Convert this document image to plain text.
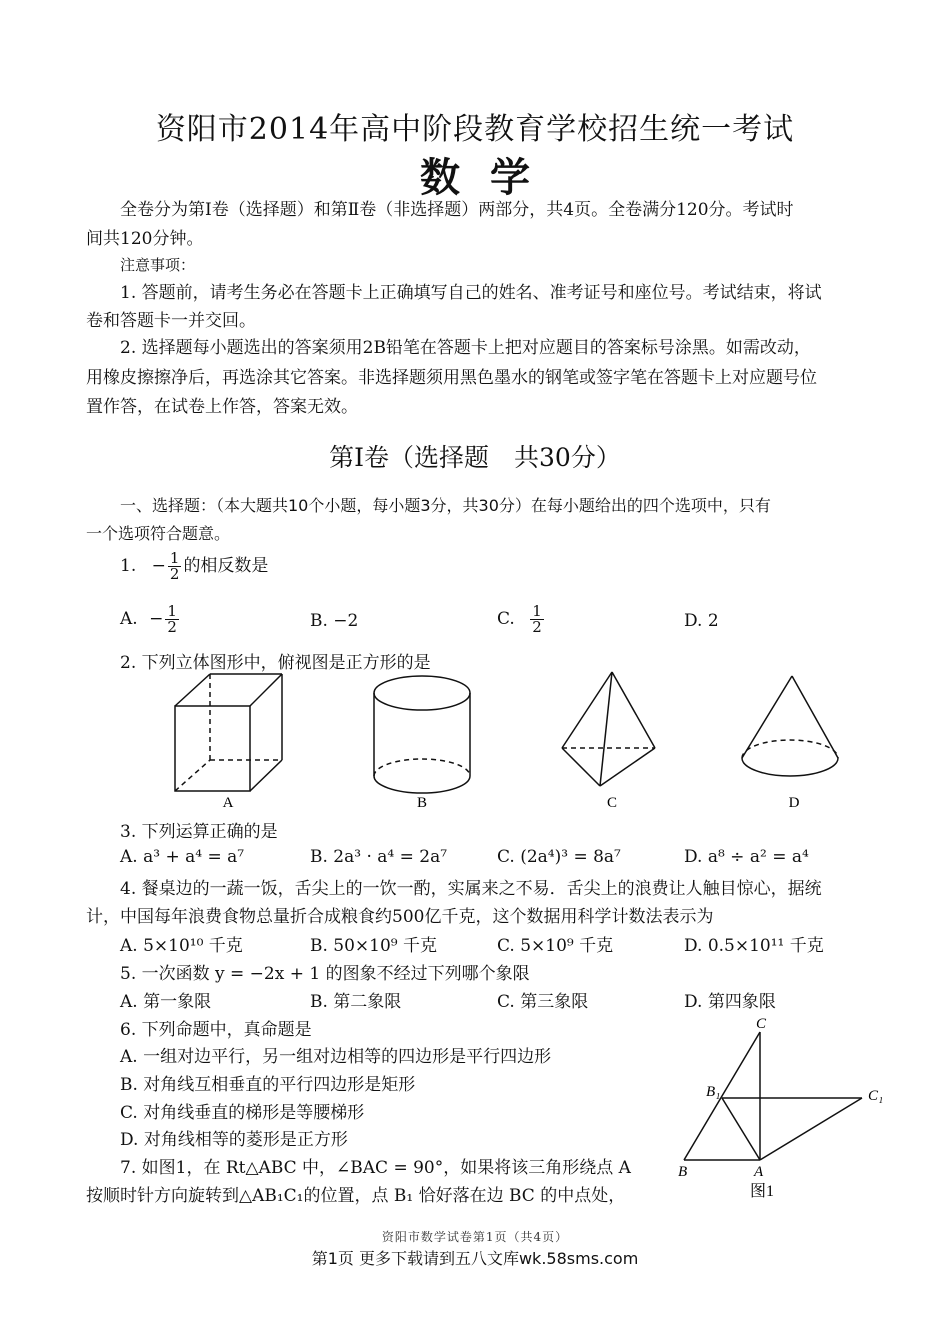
资阳市2014年高中阶段教育学校招生统一考试
数学
全卷分为第Ⅰ卷（选择题）和第Ⅱ卷（非选择题）两部分，共4页。全卷满分120分。考试时
间共120分钟。
注意事项：
1. 答题前，请考生务必在答题卡上正确填写自己的姓名、准考证号和座位号。考试结束，将试
卷和答题卡一并交回。
2. 选择题每小题选出的答案须用2B铅笔在答题卡上把对应题目的答案标号涂黑。如需改动，
用橡皮擦擦净后，再选涂其它答案。非选择题须用黑色墨水的钢笔或签字笔在答题卡上对应题号位
置作答，在试卷上作答，答案无效。
第Ⅰ卷（选择题　共30分）
一、选择题：（本大题共10个小题，每小题3分，共30分）在每小题给出的四个选项中，只有
一个选项符合题意。
1. − $\frac{1}{2}$ 的相反数是
A. − $\frac{1}{2}$	B. −2	C. $\frac{1}{2}$	D. 2
2. 下列立体图形中，俯视图是正方形的是
A	B	C	D
3. 下列运算正确的是
A. a³ + a⁴ = a⁷	B. 2a³ · a⁴ = 2a⁷	C. (2a⁴)³ = 8a⁷	D. a⁸ ÷ a² = a⁴
4. 餐桌边的一蔬一饭，舌尖上的一饮一酌，实属来之不易．舌尖上的浪费让人触目惊心，据统
计，中国每年浪费食物总量折合成粮食约500亿千克，这个数据用科学计数法表示为
A. 5×10¹⁰ 千克	B. 50×10⁹ 千克	C. 5×10⁹ 千克	D. 0.5×10¹¹ 千克
5. 一次函数 y = −2x + 1 的图象不经过下列哪个象限
A. 第一象限	B. 第二象限	C. 第三象限	D. 第四象限
6. 下列命题中，真命题是
A. 一组对边平行，另一组对边相等的四边形是平行四边形
B. 对角线互相垂直的平行四边形是矩形
C. 对角线垂直的梯形是等腰梯形
D. 对角线相等的菱形是正方形
7. 如图1，在 Rt△ABC 中，∠BAC = 90°，如果将该三角形绕点 A
按顺时针方向旋转到△AB₁C₁的位置，点 B₁ 恰好落在边 BC 的中点处，
C
B₁	C₁
B	A
图1
资阳市数学试卷第1页（共4页）
第1页 更多下载请到五八文库wk.58sms.com
